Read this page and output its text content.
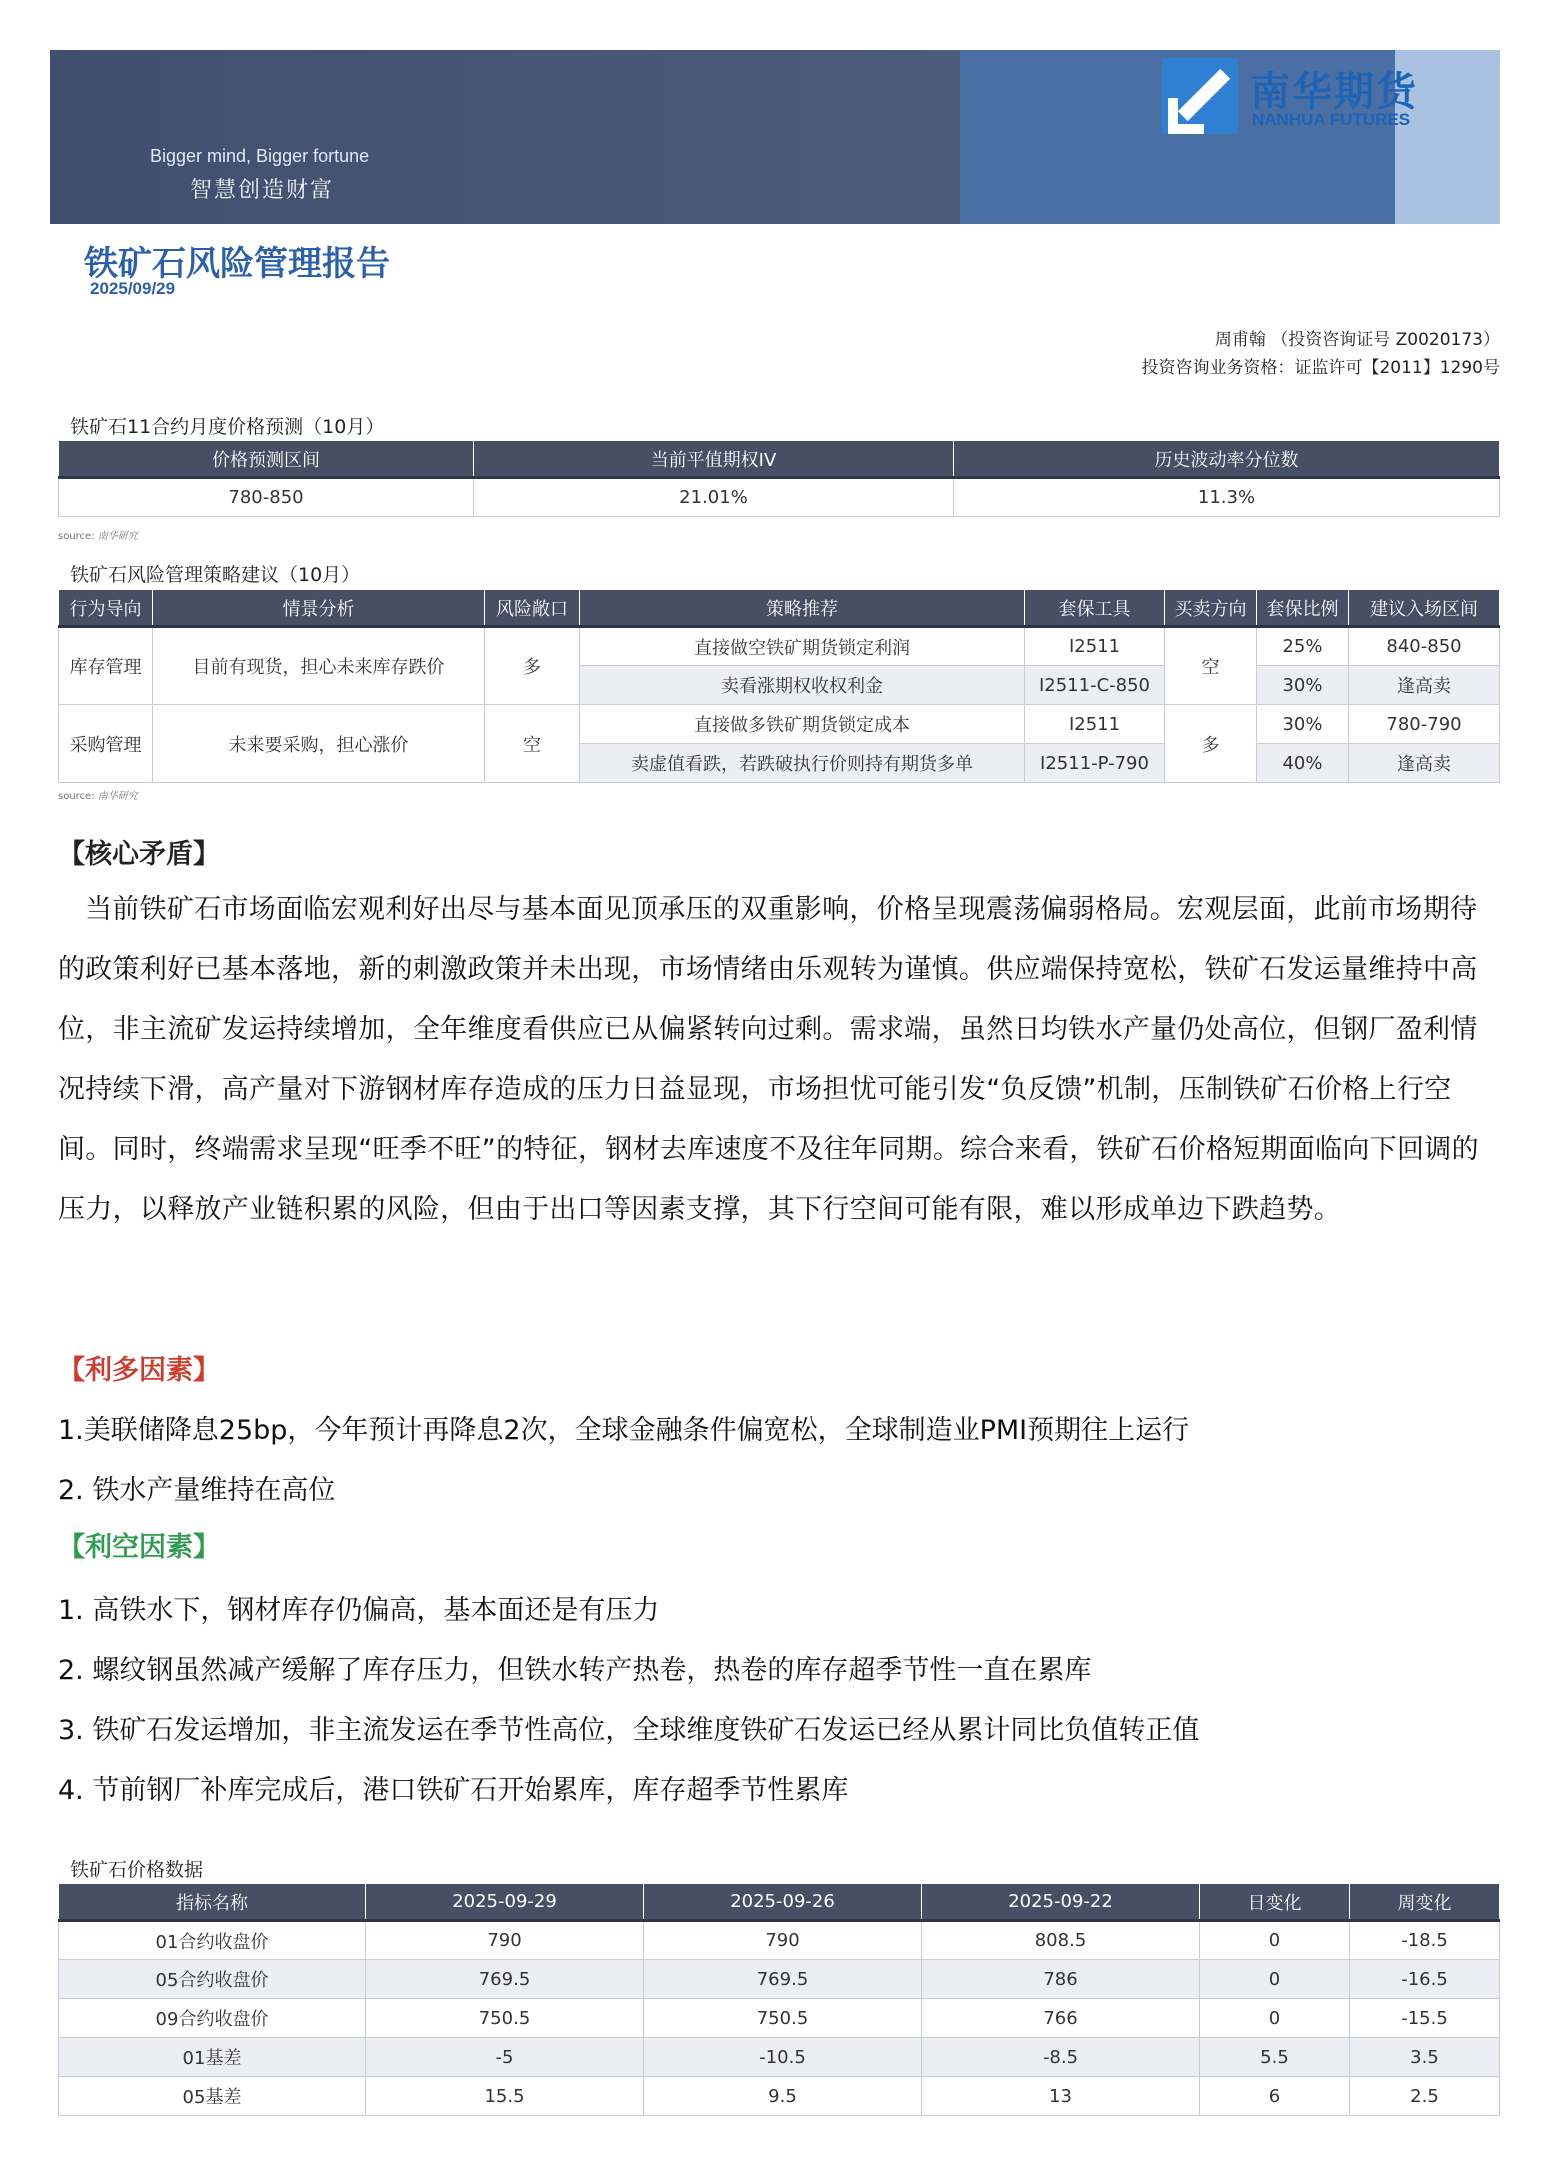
Bigger mind, Bigger fortune
智慧创造财富
南华期货
NANHUA FUTURES
铁矿石风险管理报告
2025/09/29
周甫翰 （投资咨询证号 Z0020173）
投资咨询业务资格：证监许可【2011】1290号
铁矿石11合约月度价格预测（10月）
价格预测区间	当前平值期权IV	历史波动率分位数
780-850	21.01%	11.3%
source: 南华研究
铁矿石风险管理策略建议（10月）
行为导向	情景分析	风险敞口	策略推荐	套保工具	买卖方向	套保比例	建议入场区间
库存管理	目前有现货，担心未来库存跌价	多	直接做空铁矿期货锁定利润	I2511	空	25%	840-850
			卖看涨期权收权利金	I2511-C-850		30%	逢高卖
采购管理	未来要采购，担心涨价	空	直接做多铁矿期货锁定成本	I2511	多	30%	780-790
			卖虚值看跌，若跌破执行价则持有期货多单	I2511-P-790		40%	逢高卖
source: 南华研究
【核心矛盾】
当前铁矿石市场面临宏观利好出尽与基本面见顶承压的双重影响，价格呈现震荡偏弱格局。宏观层面，此前市场期待的政策利好已基本落地，新的刺激政策并未出现，市场情绪由乐观转为谨慎。供应端保持宽松，铁矿石发运量维持中高位，非主流矿发运持续增加，全年维度看供应已从偏紧转向过剩。需求端，虽然日均铁水产量仍处高位，但钢厂盈利情况持续下滑，高产量对下游钢材库存造成的压力日益显现，市场担忧可能引发“负反馈”机制，压制铁矿石价格上行空间。同时，终端需求呈现“旺季不旺”的特征，钢材去库速度不及往年同期。综合来看，铁矿石价格短期面临向下回调的压力，以释放产业链积累的风险，但由于出口等因素支撑，其下行空间可能有限，难以形成单边下跌趋势。
【利多因素】
1.美联储降息25bp，今年预计再降息2次，全球金融条件偏宽松，全球制造业PMI预期往上运行
2. 铁水产量维持在高位
【利空因素】
1. 高铁水下，钢材库存仍偏高，基本面还是有压力
2. 螺纹钢虽然减产缓解了库存压力，但铁水转产热卷，热卷的库存超季节性一直在累库
3. 铁矿石发运增加，非主流发运在季节性高位，全球维度铁矿石发运已经从累计同比负值转正值
4. 节前钢厂补库完成后，港口铁矿石开始累库，库存超季节性累库
铁矿石价格数据
指标名称	2025-09-29	2025-09-26	2025-09-22	日变化	周变化
01合约收盘价	790	790	808.5	0	-18.5
05合约收盘价	769.5	769.5	786	0	-16.5
09合约收盘价	750.5	750.5	766	0	-15.5
01基差	-5	-10.5	-8.5	5.5	3.5
05基差	15.5	9.5	13	6	2.5
